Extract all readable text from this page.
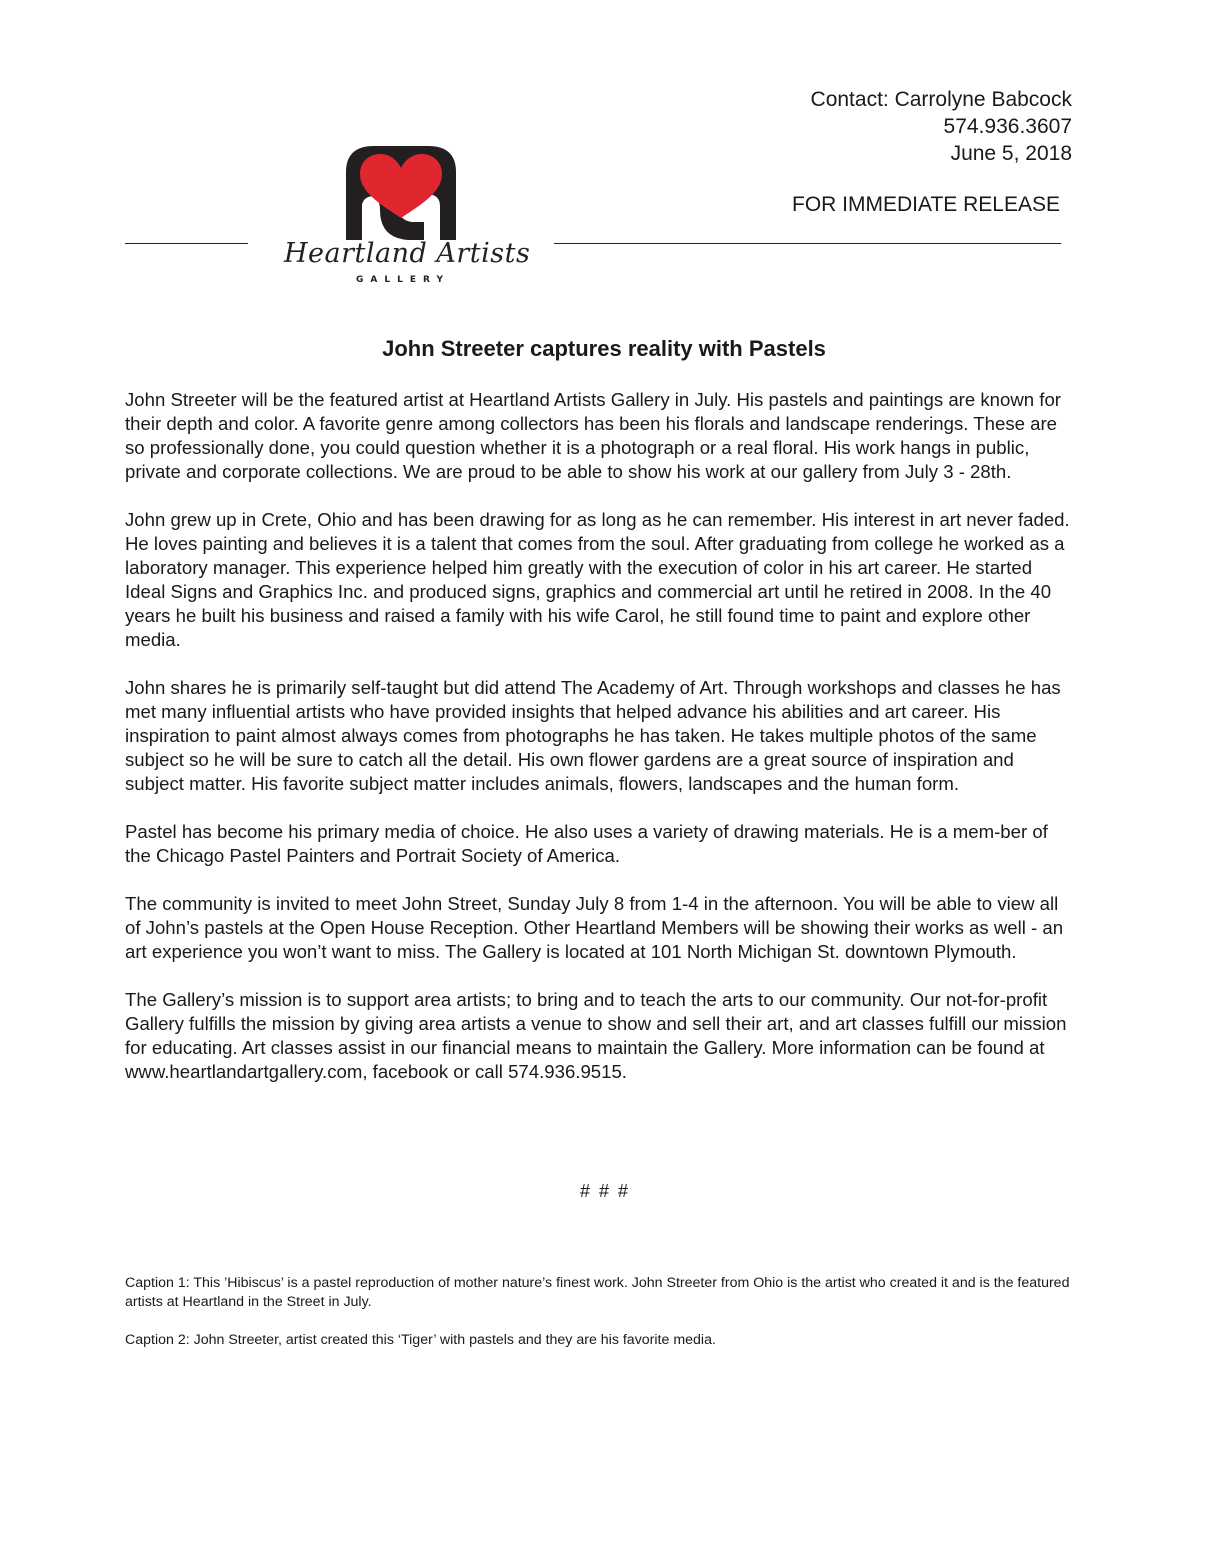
Contact: Carrolyne Babcock
574.936.3607
June 5, 2018
FOR IMMEDIATE RELEASE
Heartland Artists
GALLERY
John Streeter captures reality with Pastels

John Streeter will be the featured artist at Heartland Artists Gallery in July. His pastels and paintings are known for their depth and color. A favorite genre among collectors has been his florals and landscape renderings. These are so professionally done, you could question whether it is a photograph or a real floral. His work hangs in public, private and corporate collections. We are proud to be able to show his work at our gallery from July 3 - 28th.

John grew up in Crete, Ohio and has been drawing for as long as he can remember. His interest in art never faded. He loves painting and believes it is a talent that comes from the soul. After graduating from college he worked as a laboratory manager. This experience helped him greatly with the execution of color in his art career. He started Ideal Signs and Graphics Inc. and produced signs, graphics and commercial art until he retired in 2008. In the 40 years he built his business and raised a family with his wife Carol, he still found time to paint and explore other media.

John shares he is primarily self-taught but did attend The Academy of Art. Through workshops and classes he has met many influential artists who have provided insights that helped advance his abilities and art career. His inspiration to paint almost always comes from photographs he has taken. He takes multiple photos of the same subject so he will be sure to catch all the detail. His own flower gardens are a great source of inspiration and subject matter. His favorite subject matter includes animals, flowers, landscapes and the human form.

Pastel has become his primary media of choice. He also uses a variety of drawing materials. He is a mem-ber of the Chicago Pastel Painters and Portrait Society of America.

The community is invited to meet John Street, Sunday July 8 from 1-4 in the afternoon. You will be able to view all of John’s pastels at the Open House Reception. Other Heartland Members will be showing their works as well - an art experience you won’t want to miss. The Gallery is located at 101 North Michigan St. downtown Plymouth.

The Gallery’s mission is to support area artists; to bring and to teach the arts to our community. Our not-for-profit Gallery fulfills the mission by giving area artists a venue to show and sell their art, and art classes fulfill our mission for educating. Art classes assist in our financial means to maintain the Gallery. More information can be found at www.heartlandartgallery.com, facebook or call 574.936.9515.

# # #

Caption 1: This ’Hibiscus’ is a pastel reproduction of mother nature’s finest work. John Streeter from Ohio is the artist who created it and is the featured artists at Heartland in the Street in July.

Caption 2: John Streeter, artist created this ‘Tiger’ with pastels and they are his favorite media.
